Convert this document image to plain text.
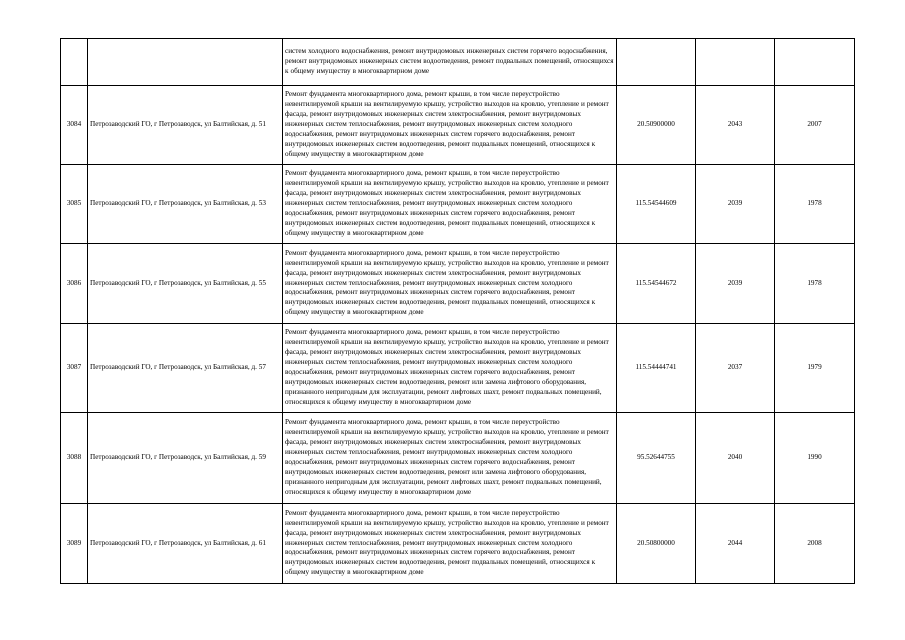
		систем холодного водоснабжения, ремонт внутридомовых инженерных систем горячего водоснабжения, ремонт внутридомовых инженерных систем водоотведения, ремонт подвальных помещений, относящихся к общему имуществу в многоквартирном доме			
3084	Петрозаводский ГО, г Петрозаводск, ул Балтийская, д. 51	Ремонт фундамента многоквартирного дома, ремонт крыши, в том числе переустройство невентилируемой крыши на вентилируемую крышу, устройство выходов на кровлю, утепление и ремонт фасада, ремонт внутридомовых инженерных систем электроснабжения, ремонт внутридомовых инженерных систем теплоснабжения, ремонт внутридомовых инженерных систем холодного водоснабжения, ремонт внутридомовых инженерных систем горячего водоснабжения, ремонт внутридомовых инженерных систем водоотведения, ремонт подвальных помещений, относящихся к общему имуществу в многоквартирном доме	20.50900000	2043	2007
3085	Петрозаводский ГО, г Петрозаводск, ул Балтийская, д. 53	Ремонт фундамента многоквартирного дома, ремонт крыши, в том числе переустройство невентилируемой крыши на вентилируемую крышу, устройство выходов на кровлю, утепление и ремонт фасада, ремонт внутридомовых инженерных систем электроснабжения, ремонт внутридомовых инженерных систем теплоснабжения, ремонт внутридомовых инженерных систем холодного водоснабжения, ремонт внутридомовых инженерных систем горячего водоснабжения, ремонт внутридомовых инженерных систем водоотведения, ремонт подвальных помещений, относящихся к общему имуществу в многоквартирном доме	115.54544609	2039	1978
3086	Петрозаводский ГО, г Петрозаводск, ул Балтийская, д. 55	Ремонт фундамента многоквартирного дома, ремонт крыши, в том числе переустройство невентилируемой крыши на вентилируемую крышу, устройство выходов на кровлю, утепление и ремонт фасада, ремонт внутридомовых инженерных систем электроснабжения, ремонт внутридомовых инженерных систем теплоснабжения, ремонт внутридомовых инженерных систем холодного водоснабжения, ремонт внутридомовых инженерных систем горячего водоснабжения, ремонт внутридомовых инженерных систем водоотведения, ремонт подвальных помещений, относящихся к общему имуществу в многоквартирном доме	115.54544672	2039	1978
3087	Петрозаводский ГО, г Петрозаводск, ул Балтийская, д. 57	Ремонт фундамента многоквартирного дома, ремонт крыши, в том числе переустройство невентилируемой крыши на вентилируемую крышу, устройство выходов на кровлю, утепление и ремонт фасада, ремонт внутридомовых инженерных систем электроснабжения, ремонт внутридомовых инженерных систем теплоснабжения, ремонт внутридомовых инженерных систем холодного водоснабжения, ремонт внутридомовых инженерных систем горячего водоснабжения, ремонт внутридомовых инженерных систем водоотведения, ремонт или замена лифтового оборудования, признанного непригодным для эксплуатации, ремонт лифтовых шахт, ремонт подвальных помещений, относящихся к общему имуществу в многоквартирном доме	115.54444741	2037	1979
3088	Петрозаводский ГО, г Петрозаводск, ул Балтийская, д. 59	Ремонт фундамента многоквартирного дома, ремонт крыши, в том числе переустройство невентилируемой крыши на вентилируемую крышу, устройство выходов на кровлю, утепление и ремонт фасада, ремонт внутридомовых инженерных систем электроснабжения, ремонт внутридомовых инженерных систем теплоснабжения, ремонт внутридомовых инженерных систем холодного водоснабжения, ремонт внутридомовых инженерных систем горячего водоснабжения, ремонт внутридомовых инженерных систем водоотведения, ремонт или замена лифтового оборудования, признанного непригодным для эксплуатации, ремонт лифтовых шахт, ремонт подвальных помещений, относящихся к общему имуществу в многоквартирном доме	95.52644755	2040	1990
3089	Петрозаводский ГО, г Петрозаводск, ул Балтийская, д. 61	Ремонт фундамента многоквартирного дома, ремонт крыши, в том числе переустройство невентилируемой крыши на вентилируемую крышу, устройство выходов на кровлю, утепление и ремонт фасада, ремонт внутридомовых инженерных систем электроснабжения, ремонт внутридомовых инженерных систем теплоснабжения, ремонт внутридомовых инженерных систем холодного водоснабжения, ремонт внутридомовых инженерных систем горячего водоснабжения, ремонт внутридомовых инженерных систем водоотведения, ремонт подвальных помещений, относящихся к общему имуществу в многоквартирном доме	20.50800000	2044	2008
